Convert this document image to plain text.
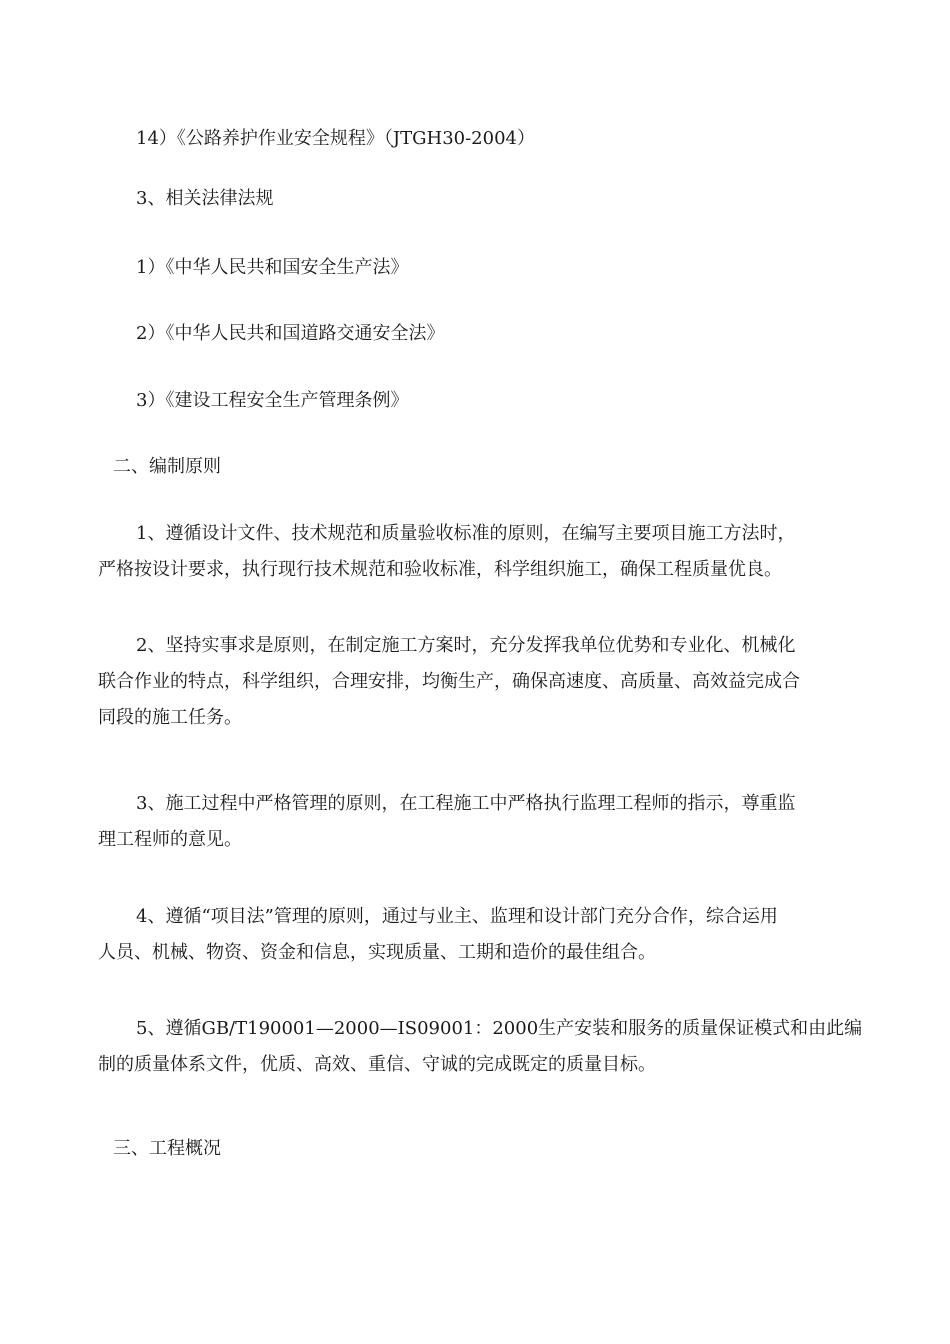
14）《公路养护作业安全规程》（JTGH30-2004）

3、相关法律法规

1）《中华人民共和国安全生产法》

2）《中华人民共和国道路交通安全法》

3）《建设工程安全生产管理条例》

二、编制原则

1、遵循设计文件、技术规范和质量验收标准的原则，在编写主要项目施工方法时，
严格按设计要求，执行现行技术规范和验收标准，科学组织施工，确保工程质量优良。
2、坚持实事求是原则，在制定施工方案时，充分发挥我单位优势和专业化、机械化
联合作业的特点，科学组织，合理安排，均衡生产，确保高速度、高质量、高效益完成合
同段的施工任务。
3、施工过程中严格管理的原则，在工程施工中严格执行监理工程师的指示，尊重监
理工程师的意见。
4、遵循“项目法”管理的原则，通过与业主、监理和设计部门充分合作，综合运用
人员、机械、物资、资金和信息，实现质量、工期和造价的最佳组合。
5、遵循GB/T190001—2000—IS09001：2000生产安装和服务的质量保证模式和由此编
制的质量体系文件，优质、高效、重信、守诚的完成既定的质量目标。

三、工程概况
